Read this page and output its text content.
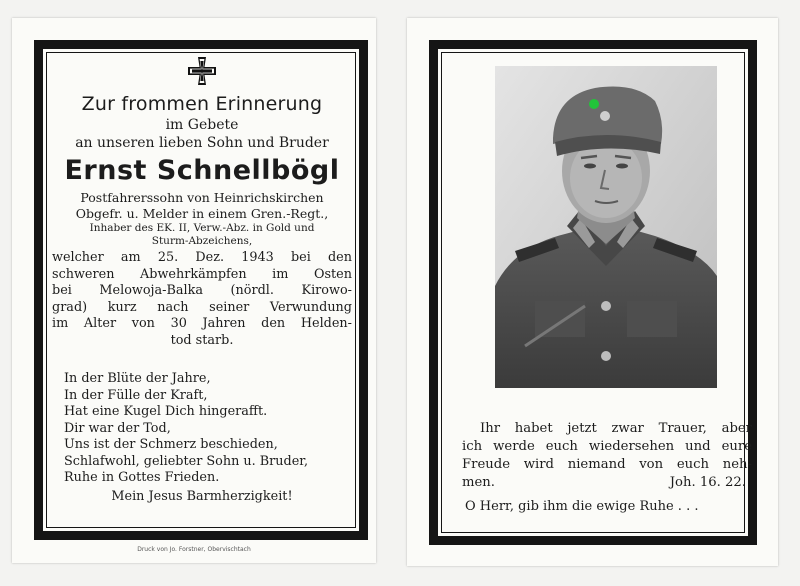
Zur frommen Erinnerung

im Gebete
an unseren lieben Sohn und Bruder
Ernst Schnellbögl
Postfahrerssohn von Heinrichskirchen
Obgefr. u. Melder in einem Gren.-Regt.,
Inhaber des EK. II, Verw.-Abz. in Gold und
Sturm-Abzeichens,
welcher am 25. Dez. 1943 bei den
schweren Abwehrkämpfen im Osten
bei Melowoja-Balka (nördl. Kirowo-
grad) kurz nach seiner Verwundung
im Alter von 30 Jahren den Helden-
tod starb.
In der Blüte der Jahre,
In der Fülle der Kraft,
Hat eine Kugel Dich hingerafft.
Dir war der Tod,
Uns ist der Schmerz beschieden,
Schlafwohl, geliebter Sohn u. Bruder,
Ruhe in Gottes Frieden.
Mein Jesus Barmherzigkeit!
Druck von Jo. Forstner, Obervischtach
Ihr habet jetzt zwar Trauer, aber
ich werde euch wiedersehen und eure
Freude wird niemand von euch neh-
men.	Joh. 16. 22.
O Herr, gib ihm die ewige Ruhe . . .
